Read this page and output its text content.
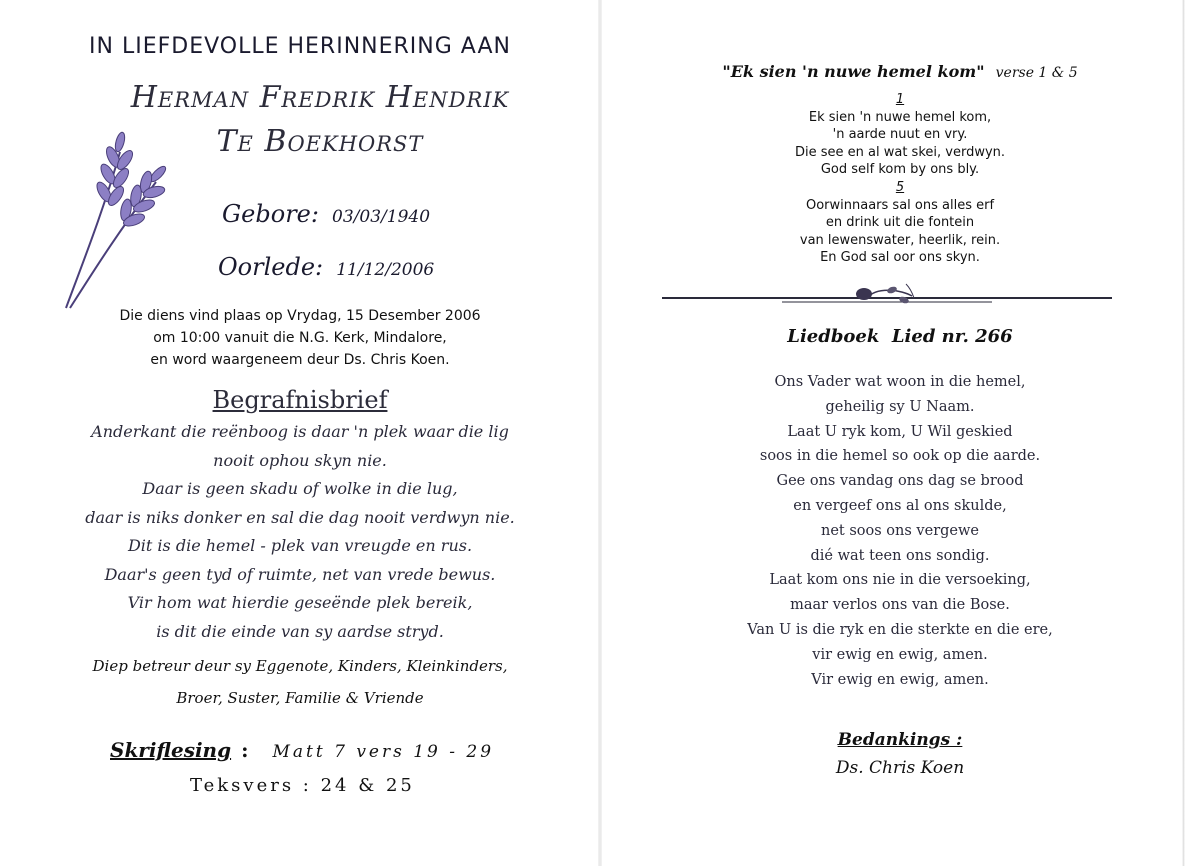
IN LIEFDEVOLLE HERINNERING AAN
Herman Fredrik Hendrik
Te Boekhorst
Gebore: 03/03/1940
Oorlede: 11/12/2006
Die diens vind plaas op Vrydag, 15 Desember 2006
om 10:00 vanuit die N.G. Kerk, Mindalore,
en word waargeneem deur Ds. Chris Koen.
Begrafnisbrief
Anderkant die reënboog is daar 'n plek waar die lig
nooit ophou skyn nie.
Daar is geen skadu of wolke in die lug,
daar is niks donker en sal die dag nooit verdwyn nie.
Dit is die hemel - plek van vreugde en rus.
Daar's geen tyd of ruimte, net van vrede bewus.
Vir hom wat hierdie geseënde plek bereik,
is dit die einde van sy aardse stryd.
Diep betreur deur sy Eggenote, Kinders, Kleinkinders,
Broer, Suster, Familie & Vriende
Skriflesing : Matt 7 vers 19 - 29
Teksvers : 24 & 25
"Ek sien 'n nuwe hemel kom" verse 1 & 5
1
Ek sien 'n nuwe hemel kom,
'n aarde nuut en vry.
Die see en al wat skei, verdwyn.
God self kom by ons bly.
5
Oorwinnaars sal ons alles erf
en drink uit die fontein
van lewenswater, heerlik, rein.
En God sal oor ons skyn.
Liedboek  Lied nr. 266
Ons Vader wat woon in die hemel,
geheilig sy U Naam.
Laat U ryk kom, U Wil geskied
soos in die hemel so ook op die aarde.
Gee ons vandag ons dag se brood
en vergeef ons al ons skulde,
net soos ons vergewe
dié wat teen ons sondig.
Laat kom ons nie in die versoeking,
maar verlos ons van die Bose.
Van U is die ryk en die sterkte en die ere,
vir ewig en ewig, amen.
Vir ewig en ewig, amen.
Bedankings :
Ds. Chris Koen
